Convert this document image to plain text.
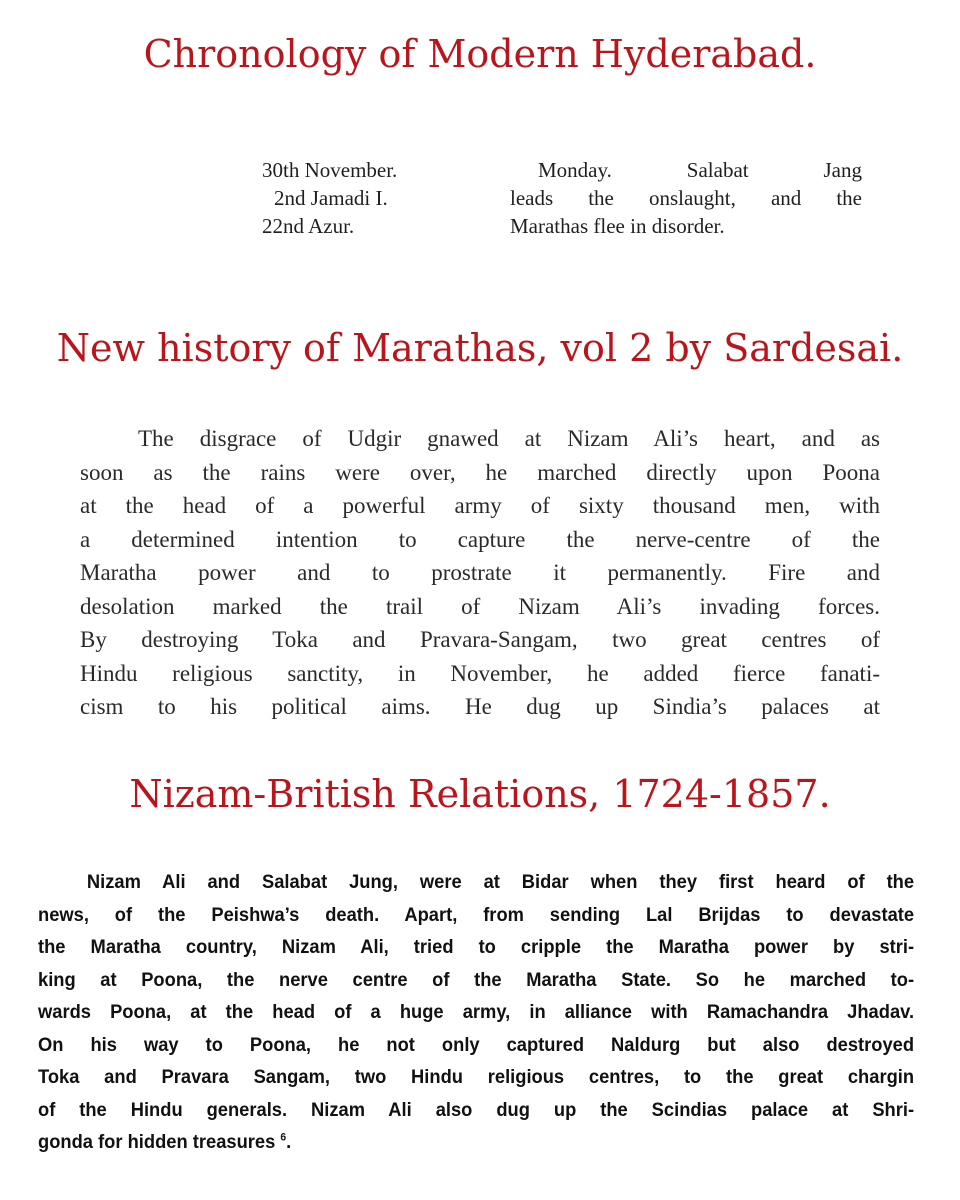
Chronology of Modern Hyderabad.
30th November.
2nd Jamadi I.
22nd Azur.
Monday. Salabat Jang
leads the onslaught, and the
Marathas flee in disorder.
New history of Marathas, vol 2 by Sardesai.
The disgrace of Udgir gnawed at Nizam Ali’s heart, and as
soon as the rains were over, he marched directly upon Poona
at the head of a powerful army of sixty thousand men, with
a determined intention to capture the nerve-centre of the
Maratha power and to prostrate it permanently. Fire and
desolation marked the trail of Nizam Ali’s invading forces.
By destroying Toka and Pravara-Sangam, two great centres of
Hindu religious sanctity, in November, he added fierce fanati-
cism to his political aims. He dug up Sindia’s palaces at
Nizam-British Relations, 1724-1857.
Nizam Ali and Salabat Jung, were at Bidar when they first heard of the
news, of the Peishwa’s death. Apart, from sending Lal Brijdas to devastate
the Maratha country, Nizam Ali, tried to cripple the Maratha power by stri-
king at Poona, the nerve centre of the Maratha State. So he marched to-
wards Poona, at the head of a huge army, in alliance with Ramachandra Jhadav.
On his way to Poona, he not only captured Naldurg but also destroyed
Toka and Pravara Sangam, two Hindu religious centres, to the great chargin
of the Hindu generals. Nizam Ali also dug up the Scindias palace at Shri-
gonda for hidden treasures $^6$.
